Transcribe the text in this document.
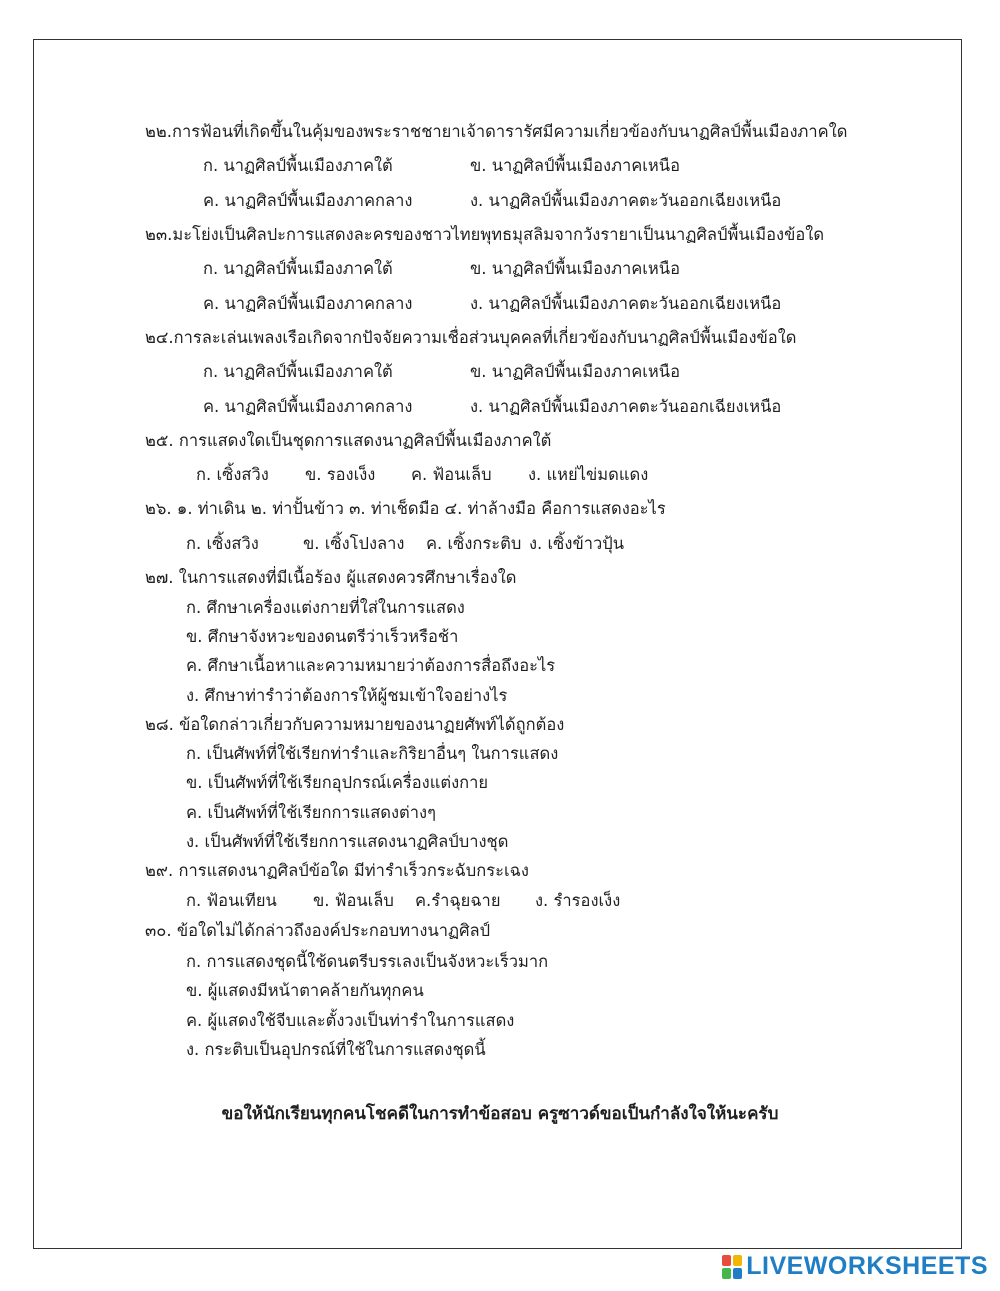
๒๒.การฟ้อนที่เกิดขึ้นในคุ้มของพระราชชายาเจ้าดารารัศมีความเกี่ยวข้องกับนาฏศิลป์พื้นเมืองภาคใด
ก. นาฏศิลป์พื้นเมืองภาคใต้	ข. นาฏศิลป์พื้นเมืองภาคเหนือ
ค. นาฏศิลป์พื้นเมืองภาคกลาง	ง. นาฏศิลป์พื้นเมืองภาคตะวันออกเฉียงเหนือ
๒๓.มะโย่งเป็นศิลปะการแสดงละครของชาวไทยพุทธมุสลิมจากวังรายาเป็นนาฏศิลป์พื้นเมืองข้อใด
ก. นาฏศิลป์พื้นเมืองภาคใต้	ข. นาฏศิลป์พื้นเมืองภาคเหนือ
ค. นาฏศิลป์พื้นเมืองภาคกลาง	ง. นาฏศิลป์พื้นเมืองภาคตะวันออกเฉียงเหนือ
๒๔.การละเล่นเพลงเรือเกิดจากปัจจัยความเชื่อส่วนบุคคลที่เกี่ยวข้องกับนาฏศิลป์พื้นเมืองข้อใด
ก. นาฏศิลป์พื้นเมืองภาคใต้	ข. นาฏศิลป์พื้นเมืองภาคเหนือ
ค. นาฏศิลป์พื้นเมืองภาคกลาง	ง. นาฏศิลป์พื้นเมืองภาคตะวันออกเฉียงเหนือ
๒๕. การแสดงใดเป็นชุดการแสดงนาฏศิลป์พื้นเมืองภาคใต้
ก. เซิ้งสวิง ข. รองเง็ง ค. ฟ้อนเล็บ ง. แหย่ไข่มดแดง
๒๖. ๑. ท่าเดิน ๒. ท่าปั้นข้าว ๓. ท่าเช็ดมือ ๔. ท่าล้างมือ คือการแสดงอะไร
ก. เซิ้งสวิง	ข. เซิ้งโปงลาง ค. เซิ้งกระติบ ง. เซิ้งข้าวปุ้น
๒๗. ในการแสดงที่มีเนื้อร้อง ผู้แสดงควรศึกษาเรื่องใด
ก. ศึกษาเครื่องแต่งกายที่ใส่ในการแสดง
ข. ศึกษาจังหวะของดนตรีว่าเร็วหรือช้า
ค. ศึกษาเนื้อหาและความหมายว่าต้องการสื่อถึงอะไร
ง. ศึกษาท่ารำว่าต้องการให้ผู้ชมเข้าใจอย่างไร
๒๘. ข้อใดกล่าวเกี่ยวกับความหมายของนาฏยศัพท์ได้ถูกต้อง
ก. เป็นศัพท์ที่ใช้เรียกท่ารำและกิริยาอื่นๆ ในการแสดง
ข. เป็นศัพท์ที่ใช้เรียกอุปกรณ์เครื่องแต่งกาย
ค. เป็นศัพท์ที่ใช้เรียกการแสดงต่างๆ
ง. เป็นศัพท์ที่ใช้เรียกการแสดงนาฏศิลป์บางชุด
๒๙. การแสดงนาฏศิลป์ข้อใด มีท่ารำเร็วกระฉับกระเฉง
ก. ฟ้อนเทียน ข. ฟ้อนเล็บ ค.รำฉุยฉาย ง. รำรองเง็ง
๓๐. ข้อใดไม่ได้กล่าวถึงองค์ประกอบทางนาฏศิลป์
ก. การแสดงชุดนี้ใช้ดนตรีบรรเลงเป็นจังหวะเร็วมาก
ข. ผู้แสดงมีหน้าตาคล้ายกันทุกคน
ค. ผู้แสดงใช้จีบและตั้งวงเป็นท่ารำในการแสดง
ง. กระติบเป็นอุปกรณ์ที่ใช้ในการแสดงชุดนี้
ขอให้นักเรียนทุกคนโชคดีในการทำข้อสอบ ครูซาวด์ขอเป็นกำลังใจให้นะครับ
LIVEWORKSHEETS
